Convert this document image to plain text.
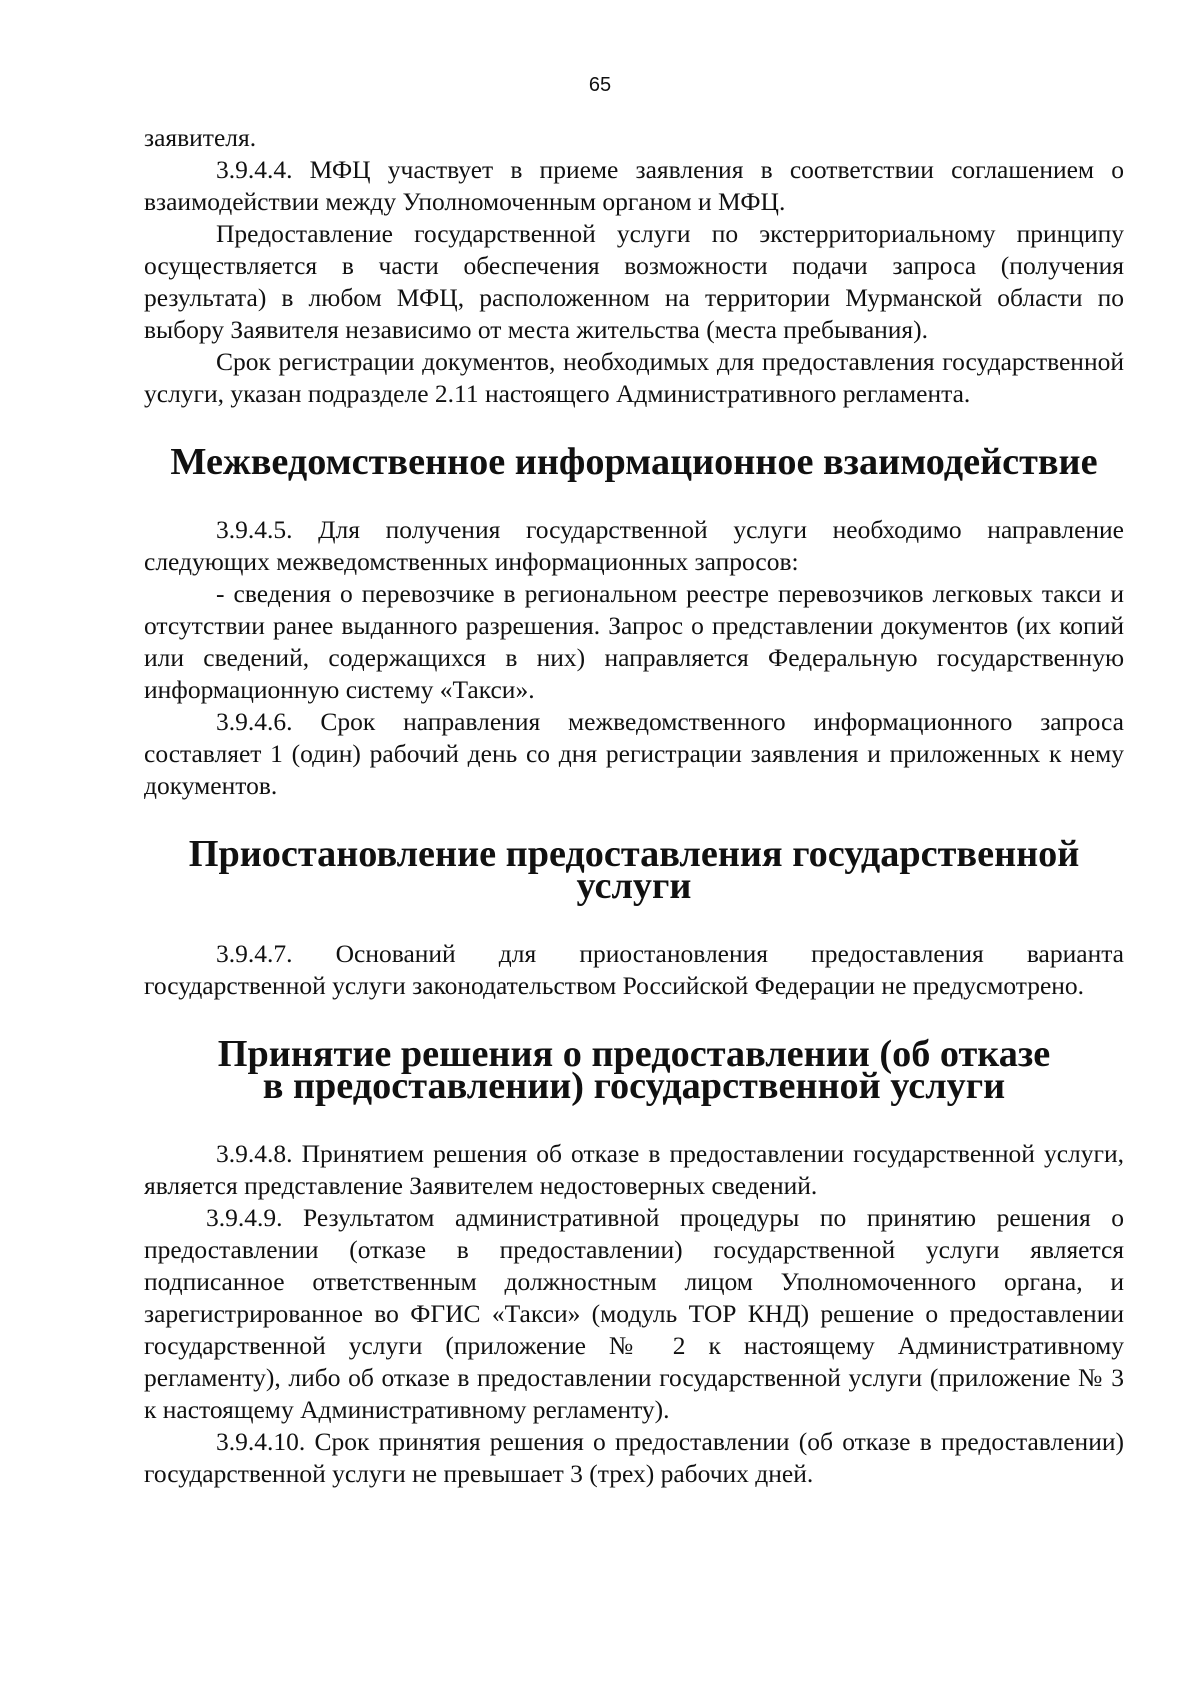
65

заявителя.

3.9.4.4. МФЦ участвует в приеме заявления в соответствии соглашением о взаимодействии между Уполномоченным органом и МФЦ.

Предоставление государственной услуги по экстерриториальному принципу осуществляется в части обеспечения возможности подачи запроса (получения результата) в любом МФЦ, расположенном на территории Мурманской области по выбору Заявителя независимо от места жительства (места пребывания).

Срок регистрации документов, необходимых для предоставления государственной услуги, указан подразделе 2.11 настоящего Административного регламента.

Межведомственное информационное взаимодействие

3.9.4.5. Для получения государственной услуги необходимо направление следующих межведомственных информационных запросов:

- сведения о перевозчике в региональном реестре перевозчиков легковых такси и отсутствии ранее выданного разрешения. Запрос о представлении документов (их копий или сведений, содержащихся в них) направляется Федеральную государственную информационную систему «Такси».

3.9.4.6. Срок направления межведомственного информационного запроса составляет 1 (один) рабочий день со дня регистрации заявления и приложенных к нему документов.

Приостановление предоставления государственной услуги

3.9.4.7. Оснований для приостановления предоставления варианта государственной услуги законодательством Российской Федерации не предусмотрено.

Принятие решения о предоставлении (об отказе в предоставлении) государственной услуги

3.9.4.8. Принятием решения об отказе в предоставлении государственной услуги, является представление Заявителем недостоверных сведений.

3.9.4.9. Результатом административной процедуры по принятию решения о предоставлении (отказе в предоставлении) государственной услуги является подписанное ответственным должностным лицом Уполномоченного органа, и зарегистрированное во ФГИС «Такси» (модуль ТОР КНД) решение о предоставлении государственной услуги (приложение № 2 к настоящему Административному регламенту), либо об отказе в предоставлении государственной услуги (приложение № 3 к настоящему Административному регламенту).

3.9.4.10. Срок принятия решения о предоставлении (об отказе в предоставлении) государственной услуги не превышает 3 (трех) рабочих дней.
